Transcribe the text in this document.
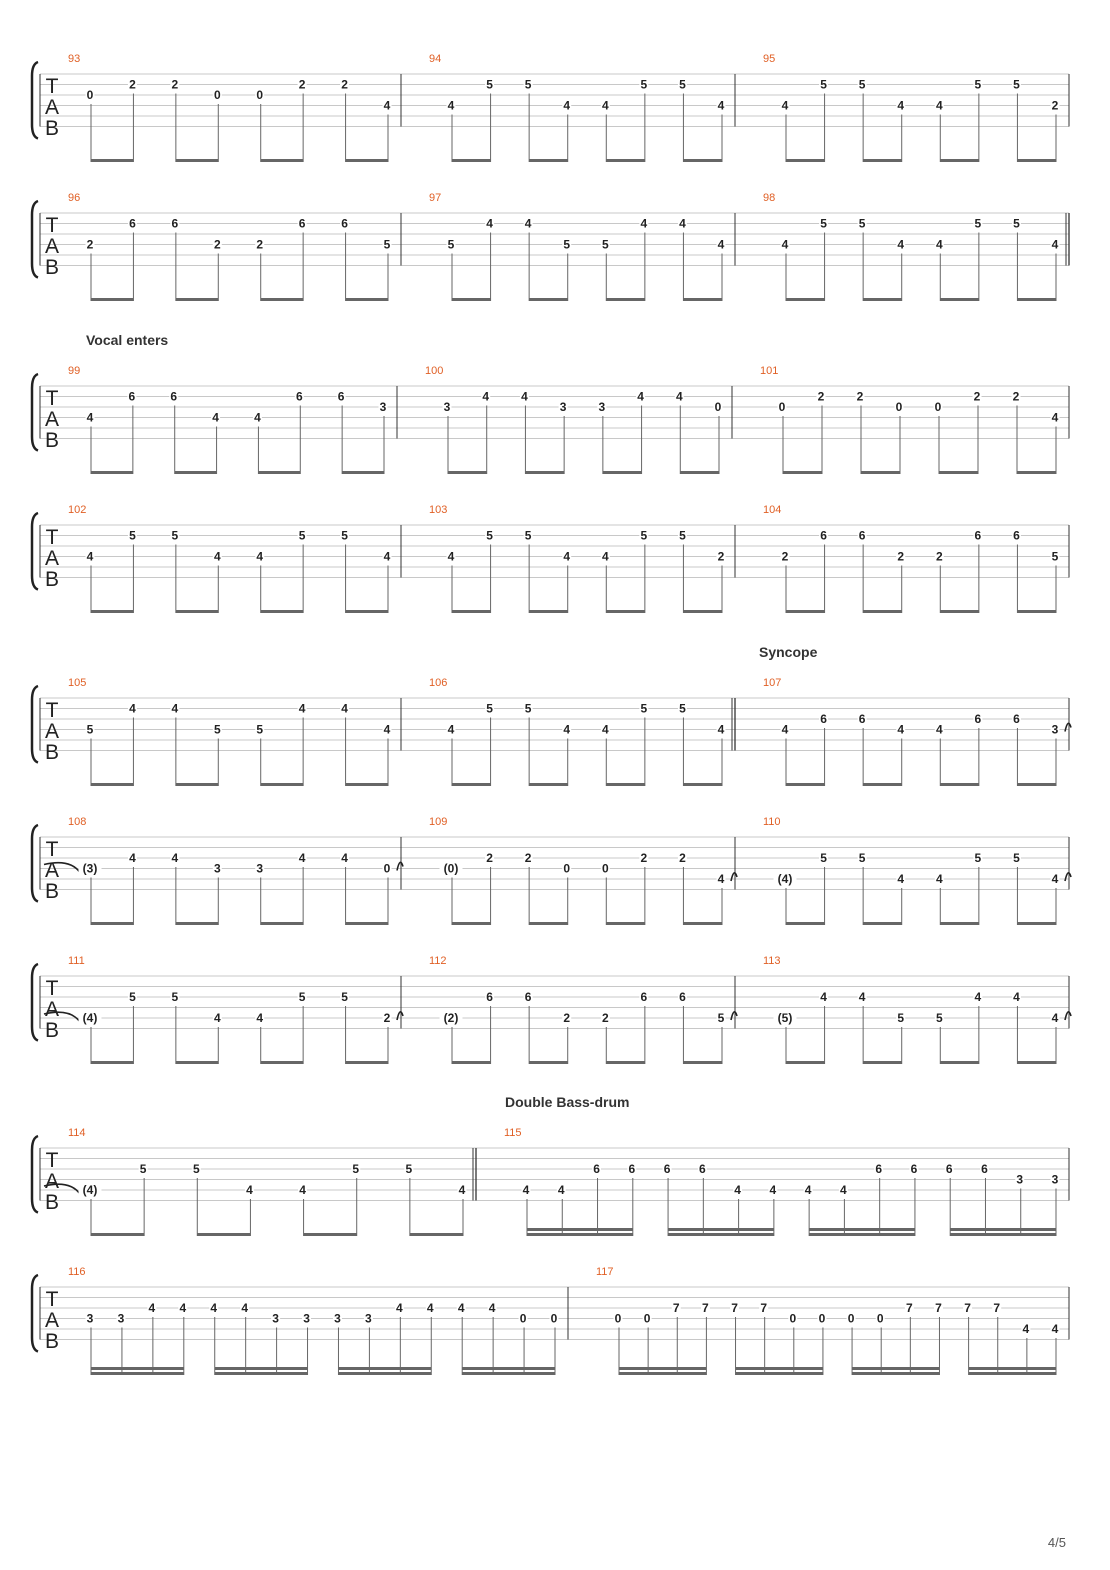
T
A
B
93
0
2	2
0	0
2	2
4
94
4
5	5
4	4
5	5
4
95
4
5	5
4	4
5	5
2
T
A
B
96
2
6	6
2	2
6	6
5
97
5
4	4
5	5
4	4
4
98
4
5	5
4	4
5	5
4
T
A
B
99
4
6	6
4	4
6	6
3
100
3
4	4
3	3
4	4
0
101
0
2	2
0	0
2	2
4
T
A
B
102
4
5	5
4	4
5	5
4
103
4
5	5
4	4
5	5
2
104
2
6	6
2	2
6	6
5
T
A
B
105
5
4	4
5	5
4	4
4
106
4
5	5
4	4
5	5
4
107
4
6	6
4	4
6	6
3
T
A
B
108
(3)
4	4
3	3
4	4
0
109
(0)
2	2
0	0
2	2
4
110
(4)
5	5
4	4
5	5
4
T
A
B
111
(4)
5	5
4	4
5	5
2
112
(2)
6	6
2	2
6	6
5
113
(5)
4	4
5	5
4	4
4
T
A
B
114
(4)
5	5
4	4
5	5
4
115
4 4
6 6 6 6
4 4 4 4
6 6 6 6
3 3
T
A
B
116
3 3
4 4 4 4
3 3 3 3
4 4 4 4
0 0
117
0 0
7 7 7 7
0 0 0 0
7 7 7 7
4 4
Vocal enters
Syncope
Double Bass-drum
4/5
